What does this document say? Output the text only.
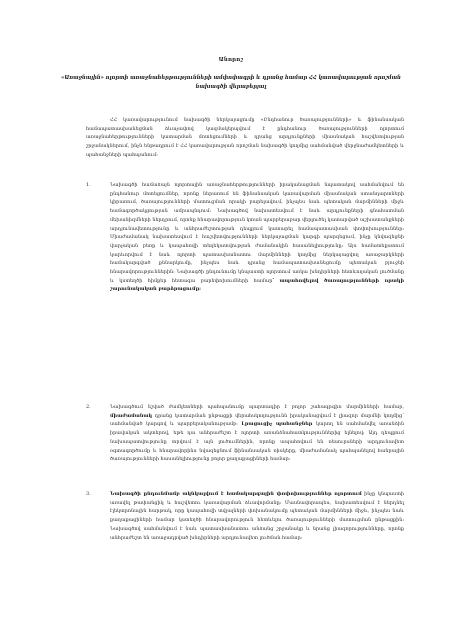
Անորոշ
«Առաջնային» ոլորտի առաջնահերթությունների ամփոփագրի և դրանց համար ՀՀ կառավարության որոշման նախագծի վերաբերյալ
ՀՀ կառավարությունում նախագծի ներկայացումը «Ընդհանուր ծառայությունների» և ֆինանսական համապատասխանեցման ձևաչափով կազմակերպվում է ընդհանուր ծառայությունների ոլորտում առաջնահերթությունների կատարման մոտեցումների և դրանց արդյունքների միասնական հաշվետվության շրջանակներում, ինչն ենթադրում է ՀՀ կառավարության որոշման նախագծի կողմից սահմանված վերջնաժամկետների և պահանջների պահպանում:
1.	Նախագծի համաձայն ոլորտային առաջնահերթությունների իրականացման նպատակով սահմանվում են ընդհանուր մոտեցումներ, որոնք ներառում են ֆինանսական կառավարման միասնական ստանդարտների կիրառում, ծառայությունների մատուցման որակի բարելավում, ինչպես նաև պետական մարմինների միջև համագործակցության ամրապնդում: Նախագծով նախատեսվում է նաև արդյունքների գնահատման մեխանիզմների ներդրում, որոնք հնարավորություն կտան պարբերաբար վերլուծել կատարված աշխատանքների արդյունավետությունը և անհրաժեշտության դեպքում կատարել համապատասխան փոփոխություններ: Միաժամանակ նախատեսվում է հաշվետվությունների ներկայացման կարգի պարզեցում, ինչը կնվազեցնի վարչական բեռը և կապահովի տեղեկատվության ժամանակին հասանելիությունը: Այս համատեքստում կարևորվում է նաև ոլորտի պատասխանատու մարմինների կողմից ներկայացվող առաջարկների համակարգված քննարկումը, ինչպես նաև դրանց համապատասխանեցումը պետական բյուջեի հնարավորություններին: Նախագծի ընդունումը կնպաստի ոլորտում առկա խնդիրների հետևողական լուծմանը և կստեղծի հիմքեր հետագա բարեփոխումների համար՝ ապահովելով ծառայությունների որակի շարունակական բարձրացումը:
2.	Նախագծում նշված ժամկետների պահպանումը պարտադիր է բոլոր շահագրգիռ մարմինների համար, միաժամանակ դրանց կատարման ընթացքի վերահսկողությունն իրականացվում է լիազոր մարմնի կողմից՝ սահմանված կարգով և պարբերականությամբ: Լրացուցիչ պահանջներ կարող են սահմանվել առանձին իրավական ակտերով, եթե դա անհրաժեշտ է ոլորտի առանձնահատկություններից ելնելով: Այդ դեպքում նախապատվությունը տրվում է այն լուծումներին, որոնք ապահովում են ռեսուրսների արդյունավետ օգտագործումը և հնարավորինս նվազեցնում ֆինանսական ռիսկերը, միաժամանակ պահպանելով հանրային ծառայությունների հասանելիությունը բոլոր քաղաքացիների համար:
3.	Նախագծի ընդունմամբ ակնկալվում է համակարգային փոփոխություններ ոլորտում ինչը կնպաստի առավել թափանցիկ և հաշվետու կառավարման ձևավորմանը: Մասնավորապես, նախատեսվում է ներդնել էլեկտրոնային հարթակ, որը կապահովի տվյալների փոխանակումը պետական մարմինների միջև, ինչպես նաև քաղաքացիների համար կստեղծի հնարավորություն հետևելու ծառայությունների մատուցման ընթացքին: Նախագծով սահմանվում է նաև պատասխանատու անձանց շրջանակը և նրանց լիազորությունները, որոնք անհրաժեշտ են առաջադրված խնդիրների արդյունավետ լուծման համար:
